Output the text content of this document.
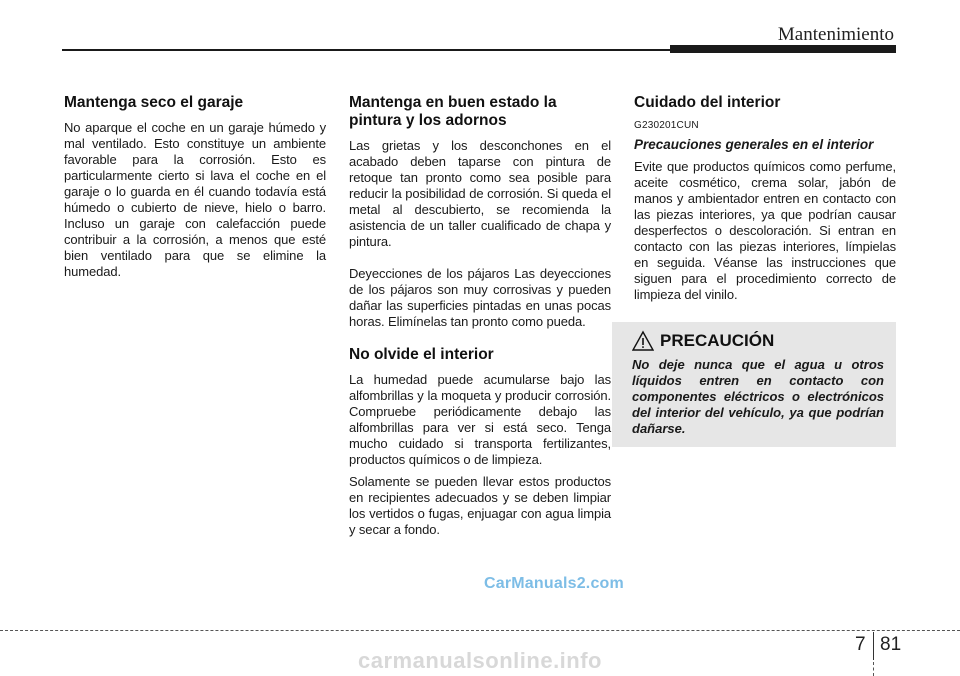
Mantenimiento
Mantenga seco el garaje

No aparque el coche en un garaje húmedo y mal ventilado. Esto constituye un ambiente favorable para la corrosión. Esto es particularmente cierto si lava el coche en el garaje o lo guarda en él cuando todavía está húmedo o cubierto de nieve, hielo o barro. Incluso un garaje con calefacción puede contribuir a la corrosión, a menos que esté bien ventilado para que se elimine la humedad.

Mantenga en buen estado la pintura y los adornos

Las grietas y los desconchones en el acabado deben taparse con pintura de retoque tan pronto como sea posible para reducir la posibilidad de corrosión. Si queda el metal al descubierto, se recomienda la asistencia de un taller cualificado de chapa y pintura.

Deyecciones de los pájaros Las deyecciones de los pájaros son muy corrosivas y pueden dañar las superficies pintadas en unas pocas horas. Elimínelas tan pronto como pueda.

No olvide el interior

La humedad puede acumularse bajo las alfombrillas y la moqueta y producir corrosión. Compruebe periódicamente debajo las alfombrillas para ver si está seco. Tenga mucho cuidado si transporta fertilizantes, productos químicos o de limpieza.

Solamente se pueden llevar estos productos en recipientes adecuados y se deben limpiar los vertidos o fugas, enjuagar con agua limpia y secar a fondo.

Cuidado del interior
G230201CUN
Precauciones generales en el interior

Evite que productos químicos como perfume, aceite cosmético, crema solar, jabón de manos y ambientador entren en contacto con las piezas interiores, ya que podrían causar desperfectos o descoloración. Si entran en contacto con las piezas interiores, límpielas en seguida. Véanse las instrucciones que siguen para el procedimiento correcto de limpieza del vinilo.

PRECAUCIÓN
No deje nunca que el agua u otros líquidos entren en contacto con componentes eléctricos o electrónicos del interior del vehículo, ya que podrían dañarse.
CarManuals2.com
7 81
carmanualsonline.info
